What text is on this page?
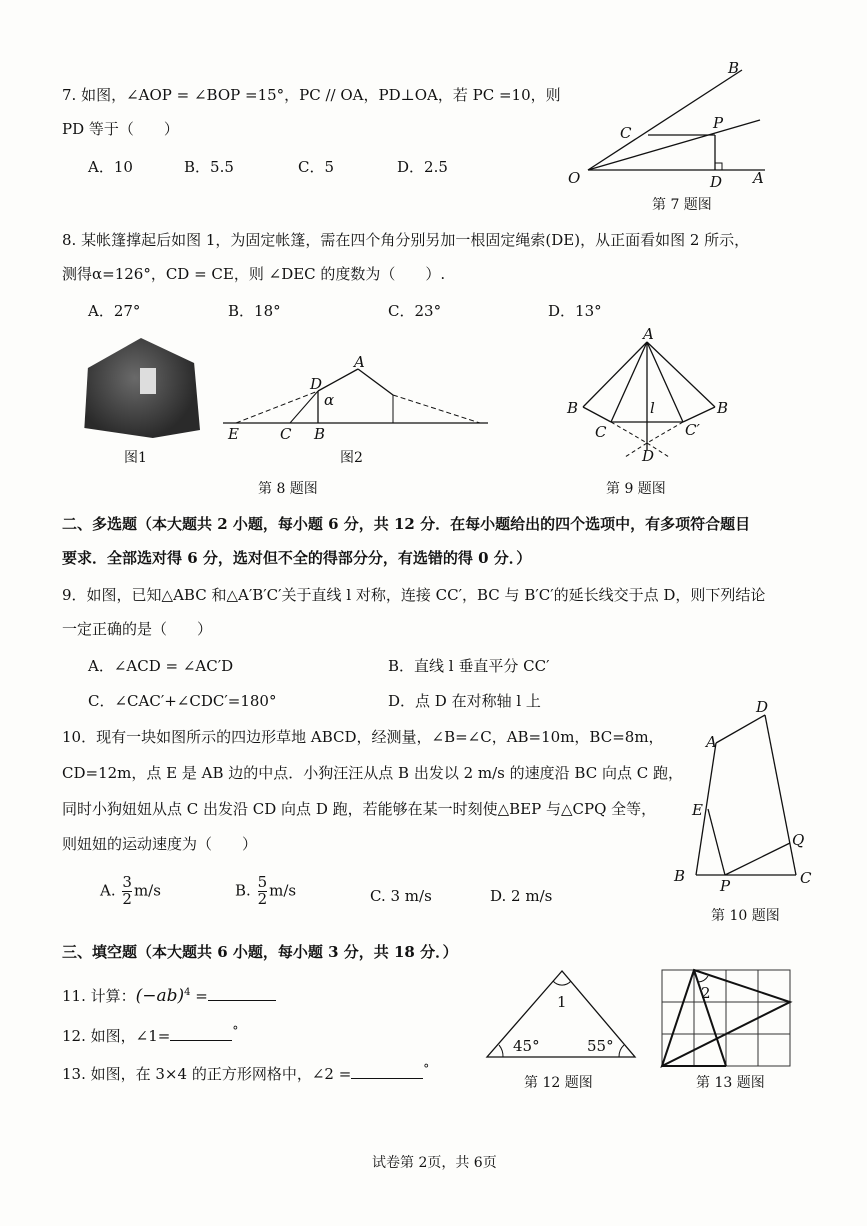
7. 如图，∠AOP = ∠BOP =15°，PC // OA，PD⊥OA，若 PC =10，则
PD 等于（　　）
A．10	B．5.5	C．5	D．2.5
O	A
B
C
P
D
第 7 题图
8. 某帐篷撑起后如图 1，为固定帐篷，需在四个角分别另加一根固定绳索(DE)，从正面看如图 2 所示，
测得α=126°，CD = CE，则 ∠DEC 的度数为（　　）.
A．27°	B．18°	C．23°	D．13°
图1
A
D
α
E	C B
图2
第 8 题图
A
B	B
C	C′
D
l
第 9 题图
二、多选题（本大题共 2 小题，每小题 6 分，共 12 分．在每小题给出的四个选项中，有多项符合题目
要求．全部选对得 6 分，选对但不全的得部分分，有选错的得 0 分．）
9．如图，已知△ABC 和△A′B′C′关于直线 l 对称，连接 CC′，BC 与 B′C′的延长线交于点 D，则下列结论
一定正确的是（　　）
A．∠ACD = ∠AC′D	B．直线 l 垂直平分 CC′
C．∠CAC′+∠CDC′=180°	D．点 D 在对称轴 l 上
10．现有一块如图所示的四边形草地 ABCD，经测量，∠B=∠C，AB=10m，BC=8m，
CD=12m，点 E 是 AB 边的中点．小狗汪汪从点 B 出发以 2 m/s 的速度沿 BC 向点 C 跑，
同时小狗妞妞从点 C 出发沿 CD 向点 D 跑，若能够在某一时刻使△BEP 与△CPQ 全等，
则妞妞的运动速度为（　　）
A. $\frac{3}{2} m/s$	B. $\frac{5}{2} m/s$	C. 3 m/s	D. 2 m/s
D
A
E
B
P	C
Q
第 10 题图
三、填空题（本大题共 6 小题，每小题 3 分，共 18 分．）
11. 计算：$(-ab)^4$ =
12. 如图，∠1=	°
13. 如图，在 3×4 的正方形网格中，∠2 =	°
1
45°	55°
第 12 题图
2
第 13 题图
试卷第 2页，共 6页
